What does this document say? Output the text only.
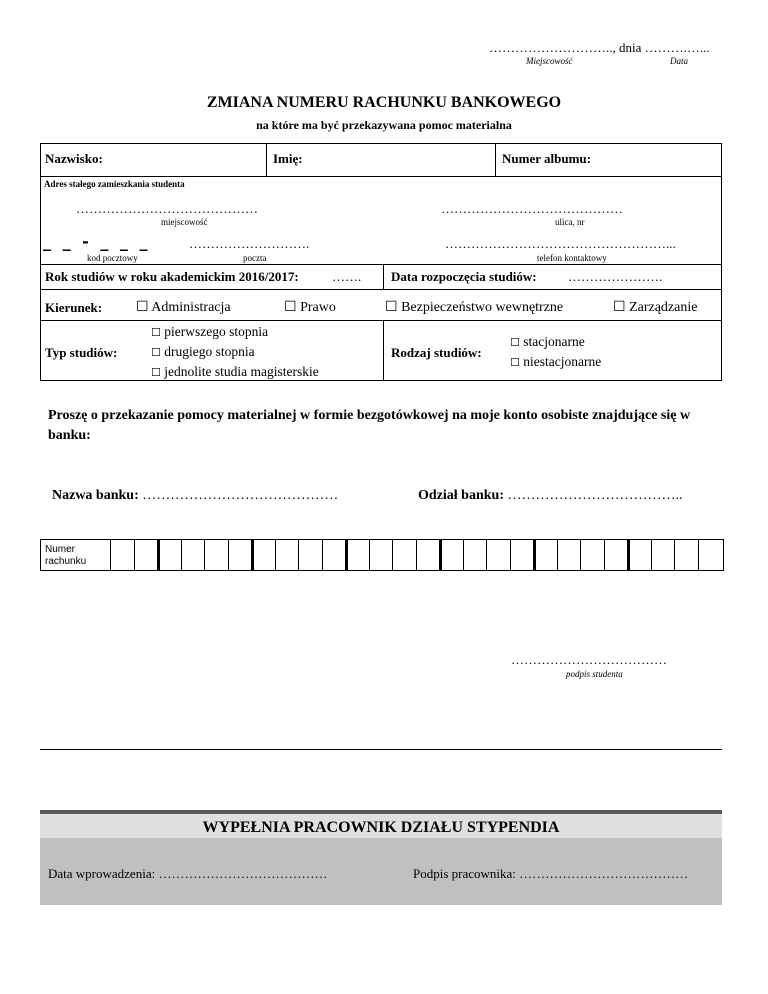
……………………….., dnia ……….…...
Miejscowość	Data
ZMIANA NUMERU RACHUNKU BANKOWEGO
na które ma być przekazywana pomoc materialna
Nazwisko:	Imię:	Numer albumu:
Adres stałego zamieszkania studenta
……………………………………
miejscowość
……………………………………
ulica, nr
_ _ - _ _ _
kod pocztowy
……………………….
poczta
……………………………………………...
telefon kontaktowy
Rok studiów w roku akademickim 2016/2017:	……. Data rozpoczęcia studiów: ………………….
Kierunek: ☐ Administracja	☐ Prawo	☐ Bezpieczeństwo wewnętrzne	☐ Zarządzanie
Typ studiów:
☐ pierwszego stopnia
☐ drugiego stopnia
☐ jednolite studia magisterskie
Rodzaj studiów:
☐ stacjonarne
☐ niestacjonarne
Proszę o przekazanie pomocy materialnej w formie bezgotówkowej na moje konto osobiste znajdujące się w banku:
Nazwa banku: ……………………………………	Odział banku: ………………………………..
Numer
rachunku
………………………………
podpis studenta
WYPEŁNIA PRACOWNIK DZIAŁU STYPENDIA
Data wprowadzenia: …………………………………	Podpis pracownika: …………………………………
